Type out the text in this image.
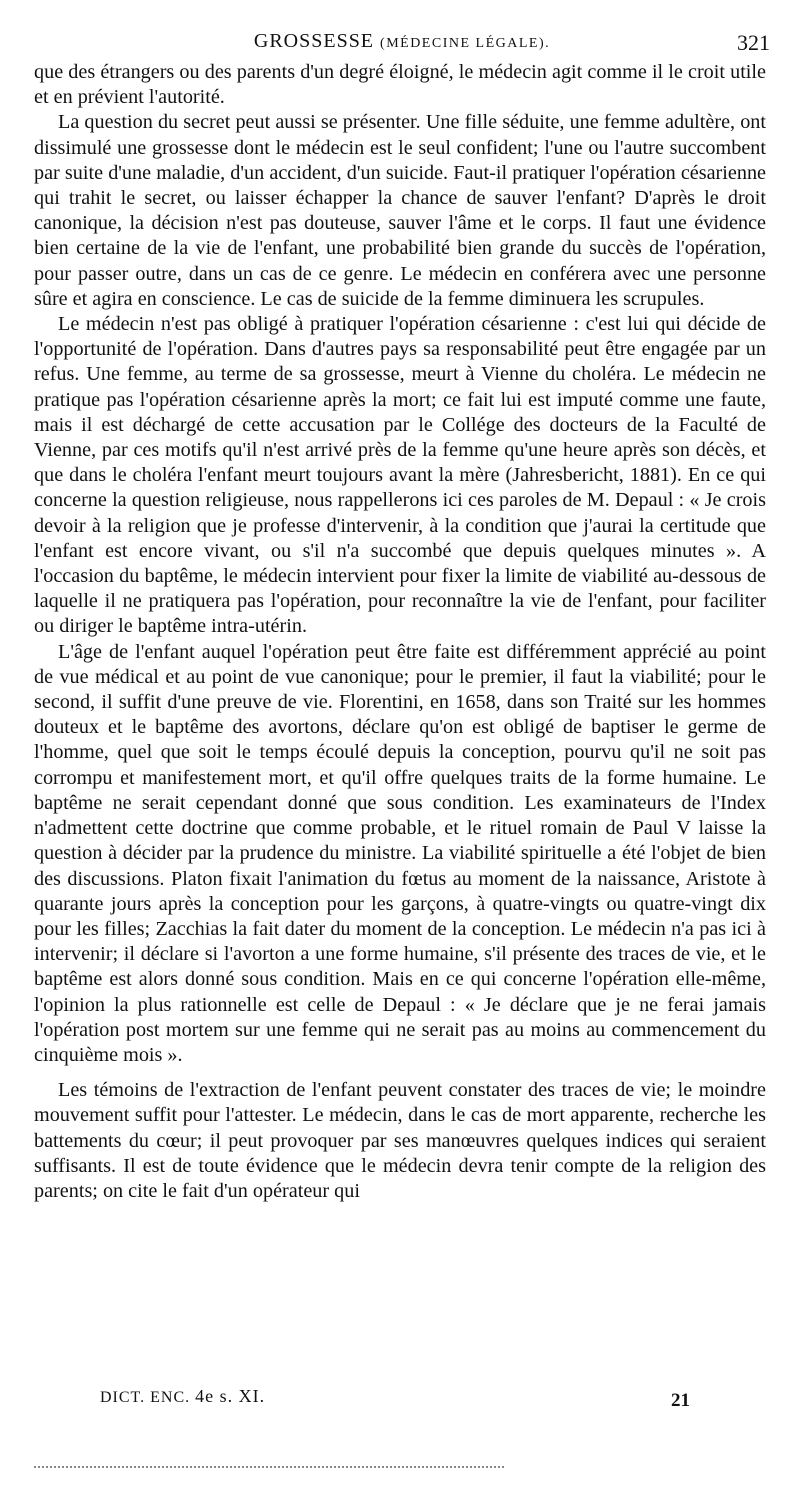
GROSSESSE (MÉDECINE LÉGALE).	321

que des étrangers ou des parents d'un degré éloigné, le médecin agit comme il le croit utile et en prévient l'autorité.

La question du secret peut aussi se présenter. Une fille séduite, une femme adultère, ont dissimulé une grossesse dont le médecin est le seul confident; l'une ou l'autre succombent par suite d'une maladie, d'un accident, d'un suicide. Faut-il pratiquer l'opération césarienne qui trahit le secret, ou laisser échapper la chance de sauver l'enfant? D'après le droit canonique, la décision n'est pas douteuse, sauver l'âme et le corps. Il faut une évidence bien certaine de la vie de l'enfant, une probabilité bien grande du succès de l'opération, pour passer outre, dans un cas de ce genre. Le médecin en conférera avec une personne sûre et agira en conscience. Le cas de suicide de la femme diminuera les scrupules.

Le médecin n'est pas obligé à pratiquer l'opération césarienne : c'est lui qui décide de l'opportunité de l'opération. Dans d'autres pays sa responsabilité peut être engagée par un refus. Une femme, au terme de sa grossesse, meurt à Vienne du choléra. Le médecin ne pratique pas l'opération césarienne après la mort; ce fait lui est imputé comme une faute, mais il est déchargé de cette accusation par le Collége des docteurs de la Faculté de Vienne, par ces motifs qu'il n'est arrivé près de la femme qu'une heure après son décès, et que dans le choléra l'enfant meurt toujours avant la mère (Jahresbericht, 1881). En ce qui concerne la question religieuse, nous rappellerons ici ces paroles de M. Depaul : « Je crois devoir à la religion que je professe d'intervenir, à la condition que j'aurai la certitude que l'enfant est encore vivant, ou s'il n'a succombé que depuis quelques minutes ». A l'occasion du baptême, le médecin intervient pour fixer la limite de viabilité au-dessous de laquelle il ne pratiquera pas l'opération, pour reconnaître la vie de l'enfant, pour faciliter ou diriger le baptême intra-utérin.

L'âge de l'enfant auquel l'opération peut être faite est différemment apprécié au point de vue médical et au point de vue canonique; pour le premier, il faut la viabilité; pour le second, il suffit d'une preuve de vie. Florentini, en 1658, dans son Traité sur les hommes douteux et le baptême des avortons, déclare qu'on est obligé de baptiser le germe de l'homme, quel que soit le temps écoulé depuis la conception, pourvu qu'il ne soit pas corrompu et manifestement mort, et qu'il offre quelques traits de la forme humaine. Le baptême ne serait cependant donné que sous condition. Les examinateurs de l'Index n'admettent cette doctrine que comme probable, et le rituel romain de Paul V laisse la question à décider par la prudence du ministre. La viabilité spirituelle a été l'objet de bien des discussions. Platon fixait l'animation du fœtus au moment de la naissance, Aristote à quarante jours après la conception pour les garçons, à quatre-vingts ou quatre-vingt dix pour les filles; Zacchias la fait dater du moment de la conception. Le médecin n'a pas ici à intervenir; il déclare si l'avorton a une forme humaine, s'il présente des traces de vie, et le baptême est alors donné sous condition. Mais en ce qui concerne l'opération elle-même, l'opinion la plus rationnelle est celle de Depaul : « Je déclare que je ne ferai jamais l'opération post mortem sur une femme qui ne serait pas au moins au commencement du cinquième mois ».

Les témoins de l'extraction de l'enfant peuvent constater des traces de vie; le moindre mouvement suffit pour l'attester. Le médecin, dans le cas de mort apparente, recherche les battements du cœur; il peut provoquer par ses manœuvres quelques indices qui seraient suffisants. Il est de toute évidence que le médecin devra tenir compte de la religion des parents; on cite le fait d'un opérateur qui

DICT. ENC. 4e s. XI.	21
